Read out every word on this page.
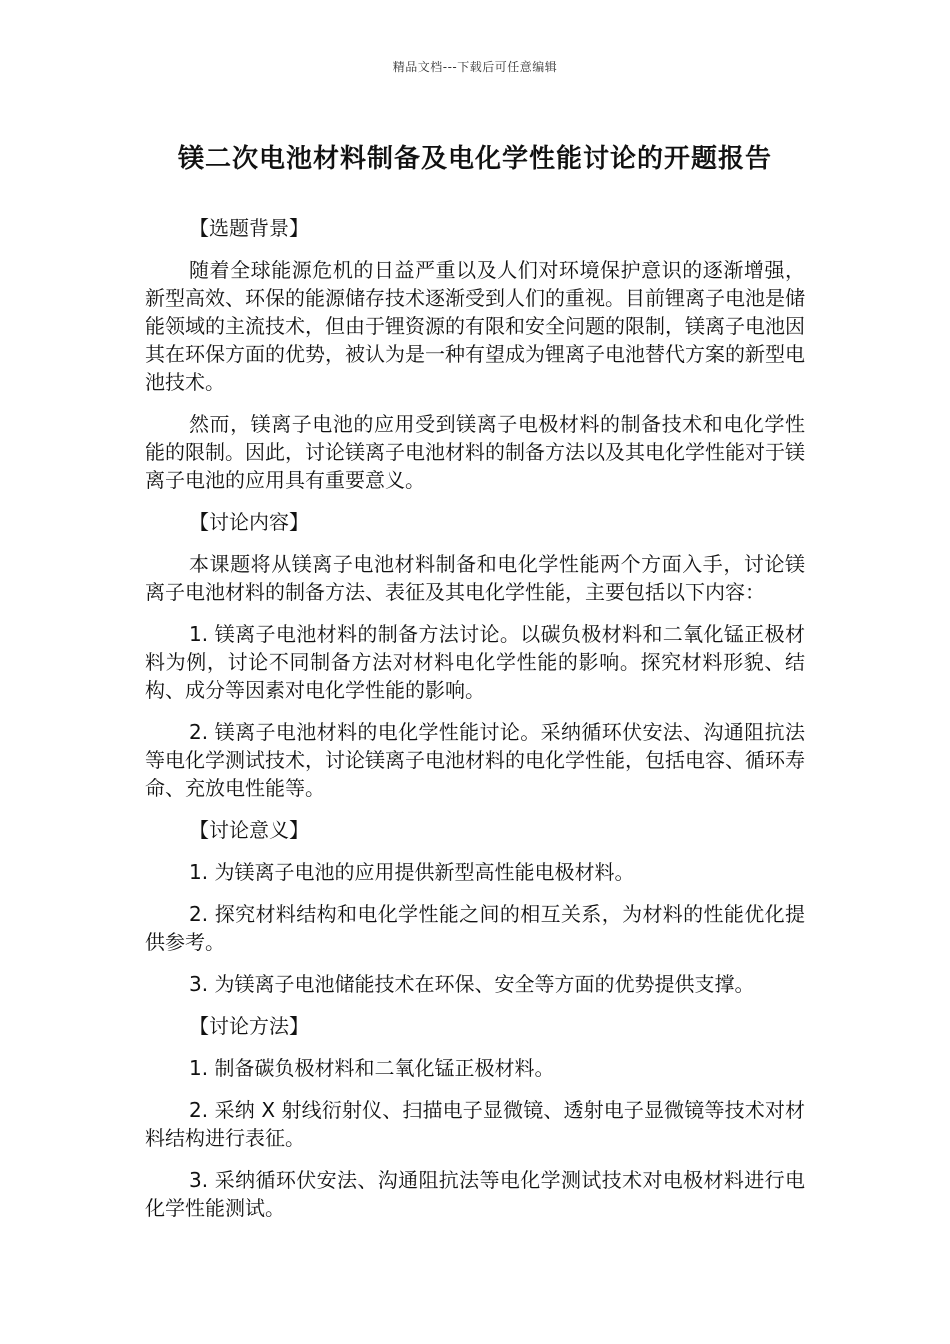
精品文档---下载后可任意编辑
镁二次电池材料制备及电化学性能讨论的开题报告
【选题背景】

随着全球能源危机的日益严重以及人们对环境保护意识的逐渐增强，新型高效、环保的能源储存技术逐渐受到人们的重视。目前锂离子电池是储能领域的主流技术，但由于锂资源的有限和安全问题的限制，镁离子电池因其在环保方面的优势，被认为是一种有望成为锂离子电池替代方案的新型电池技术。

然而，镁离子电池的应用受到镁离子电极材料的制备技术和电化学性能的限制。因此，讨论镁离子电池材料的制备方法以及其电化学性能对于镁离子电池的应用具有重要意义。

【讨论内容】

本课题将从镁离子电池材料制备和电化学性能两个方面入手，讨论镁离子电池材料的制备方法、表征及其电化学性能，主要包括以下内容：

1. 镁离子电池材料的制备方法讨论。以碳负极材料和二氧化锰正极材料为例，讨论不同制备方法对材料电化学性能的影响。探究材料形貌、结构、成分等因素对电化学性能的影响。

2. 镁离子电池材料的电化学性能讨论。采纳循环伏安法、沟通阻抗法等电化学测试技术，讨论镁离子电池材料的电化学性能，包括电容、循环寿命、充放电性能等。

【讨论意义】

1. 为镁离子电池的应用提供新型高性能电极材料。

2. 探究材料结构和电化学性能之间的相互关系，为材料的性能优化提供参考。

3. 为镁离子电池储能技术在环保、安全等方面的优势提供支撑。

【讨论方法】

1. 制备碳负极材料和二氧化锰正极材料。

2. 采纳 X 射线衍射仪、扫描电子显微镜、透射电子显微镜等技术对材料结构进行表征。

3. 采纳循环伏安法、沟通阻抗法等电化学测试技术对电极材料进行电化学性能测试。
